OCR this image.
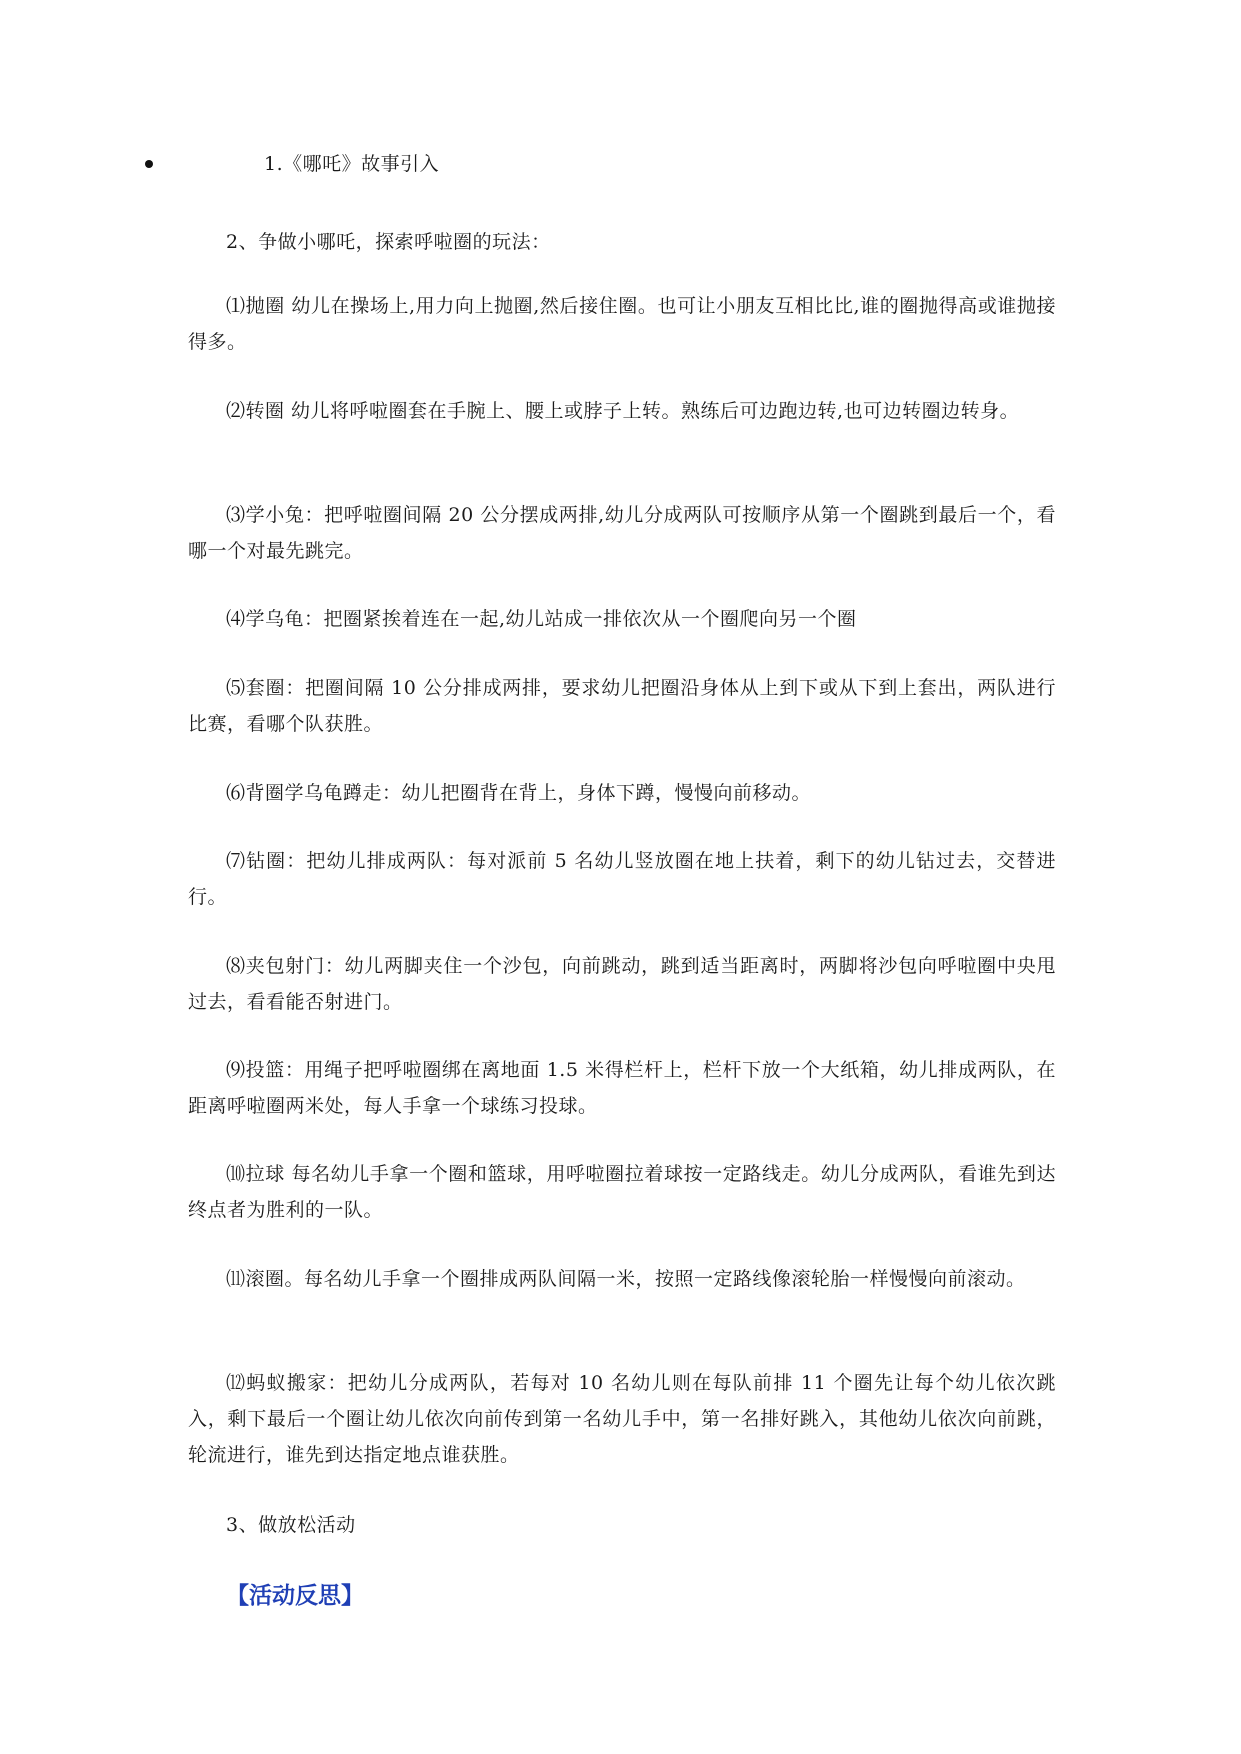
1.《哪吒》故事引入
2、争做小哪吒，探索呼啦圈的玩法：

⑴抛圈 幼儿在操场上,用力向上抛圈,然后接住圈。也可让小朋友互相比比,谁的圈抛得高或谁抛接得多。

⑵转圈 幼儿将呼啦圈套在手腕上、腰上或脖子上转。熟练后可边跑边转,也可边转圈边转身。

⑶学小兔：把呼啦圈间隔 20 公分摆成两排,幼儿分成两队可按顺序从第一个圈跳到最后一个，看哪一个对最先跳完。

⑷学乌龟：把圈紧挨着连在一起,幼儿站成一排依次从一个圈爬向另一个圈

⑸套圈：把圈间隔 10 公分排成两排，要求幼儿把圈沿身体从上到下或从下到上套出，两队进行比赛，看哪个队获胜。

⑹背圈学乌龟蹲走：幼儿把圈背在背上，身体下蹲，慢慢向前移动。

⑺钻圈：把幼儿排成两队：每对派前 5 名幼儿竖放圈在地上扶着，剩下的幼儿钻过去，交替进行。

⑻夹包射门：幼儿两脚夹住一个沙包，向前跳动，跳到适当距离时，两脚将沙包向呼啦圈中央甩过去，看看能否射进门。

⑼投篮：用绳子把呼啦圈绑在离地面 1.5 米得栏杆上，栏杆下放一个大纸箱，幼儿排成两队，在距离呼啦圈两米处，每人手拿一个球练习投球。

⑽拉球 每名幼儿手拿一个圈和篮球，用呼啦圈拉着球按一定路线走。幼儿分成两队，看谁先到达终点者为胜利的一队。

⑾滚圈。每名幼儿手拿一个圈排成两队间隔一米，按照一定路线像滚轮胎一样慢慢向前滚动。

⑿蚂蚁搬家：把幼儿分成两队，若每对 10 名幼儿则在每队前排 11 个圈先让每个幼儿依次跳入，剩下最后一个圈让幼儿依次向前传到第一名幼儿手中，第一名排好跳入，其他幼儿依次向前跳，轮流进行，谁先到达指定地点谁获胜。

3、做放松活动
【活动反思】
